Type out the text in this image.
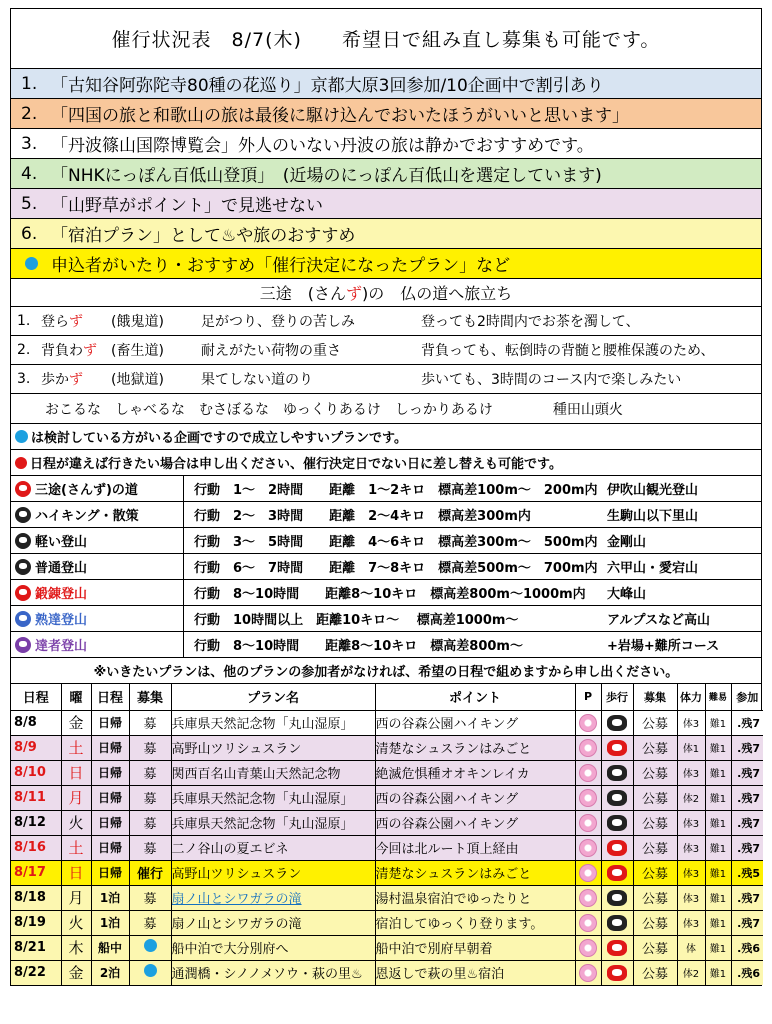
催行状況表　8/7(木)　　希望日で組み直し募集も可能です。
1. 「古知谷阿弥陀寺80種の花巡り」京都大原3回参加/10企画中で割引あり
2. 「四国の旅と和歌山の旅は最後に駆け込んでおいたほうがいいと思います」
3. 「丹波篠山国際博覧会」外人のいない丹波の旅は静かでおすすめです。
4. 「NHKにっぽん百低山登頂」　(近場のにっぽん百低山を選定しています)
5. 「山野草がポイント」で見逃せない
6. 「宿泊プラン」として♨や旅のおすすめ
申込者がいたり・おすすめ「催行決定になったプラン」など
三途　(さん ず )の　仏の道へ旅立ち
1. 登らず	(餓鬼道)	足がつり、登りの苦しみ	登っても2時間内でお茶を濁して、
2. 背負わず	(畜生道)	耐えがたい荷物の重さ	背負っても、転倒時の背髄と腰椎保護のため、
3. 歩かず	(地獄道)	果てしない道のり	歩いても、3時間のコース内で楽しみたい
おこるな　しゃべるな　むさぼるな　ゆっくりあるけ　しっかりあるけ	種田山頭火
は検討している方がいる企画ですので成立しやすいプランです。
日程が違えば行きたい場合は申し出ください、催行決定日でない日に差し替えも可能です。
三途(さんず)の道	行動　1～　2時間　　距離　1～2キロ　標高差100m～　200m内 伊吹山観光登山
ハイキング・散策	行動　2～　3時間　　距離　2～4キロ　標高差300m内	生駒山以下里山
軽い登山	行動　3～　5時間　　距離　4～6キロ　標高差300m～　500m内 金剛山
普通登山	行動　6～　7時間　　距離　7～8キロ　標高差500m～　700m内 六甲山・愛宕山
鍛錬登山	行動　8～10時間　　距離8～10キロ　標高差800m～1000m内	大峰山
熟達登山	行動　10時間以上　距離10キロ～　 標高差1000m～	アルプスなど高山
達者登山	行動　8～10時間　　距離8～10キロ　標高差800m～	+岩場+難所コース
※いきたいプランは、他のプランの参加者がなければ、希望の日程で組めますから申し出ください。
日程	曜	日程	募集	プラン名	ポイント	P	歩行	募集	体力	難易	参加
8/8	金	日帰	募	兵庫県天然記念物「丸山湿原」	西の谷森公園ハイキング			公募	体3	難1	.残7
8/9	土	日帰	募	高野山ツリシュスラン	清楚なシュスランはみごと			公募	体1	難1	.残7
8/10	日	日帰	募	関西百名山青葉山天然記念物	絶滅危惧種オオキンレイカ			公募	体3	難1	.残7
8/11	月	日帰	募	兵庫県天然記念物「丸山湿原」	西の谷森公園ハイキング			公募	体2	難1	.残7
8/12	火	日帰	募	兵庫県天然記念物「丸山湿原」	西の谷森公園ハイキング			公募	体3	難1	.残7
8/16	土	日帰	募	二ノ谷山の夏エビネ	今回は北ルート頂上経由			公募	体3	難1	.残7
8/17	日	日帰	催行	高野山ツリシュスラン	清楚なシュスランはみごと			公募	体3	難1	.残5
8/18	月	1泊	募	扇ノ山とシワガラの滝	湯村温泉宿泊でゆったりと			公募	体3	難1	.残7
8/19	火	1泊	募	扇ノ山とシワガラの滝	宿泊してゆっくり登ります。			公募	体3	難1	.残7
8/21	木	船中		船中泊で大分別府へ	船中泊で別府早朝着			公募	体	難1	.残6
8/22	金	2泊		通潤橋・シノノメソウ・萩の里♨	恩返しで萩の里♨宿泊			公募	体2	難1	.残6
